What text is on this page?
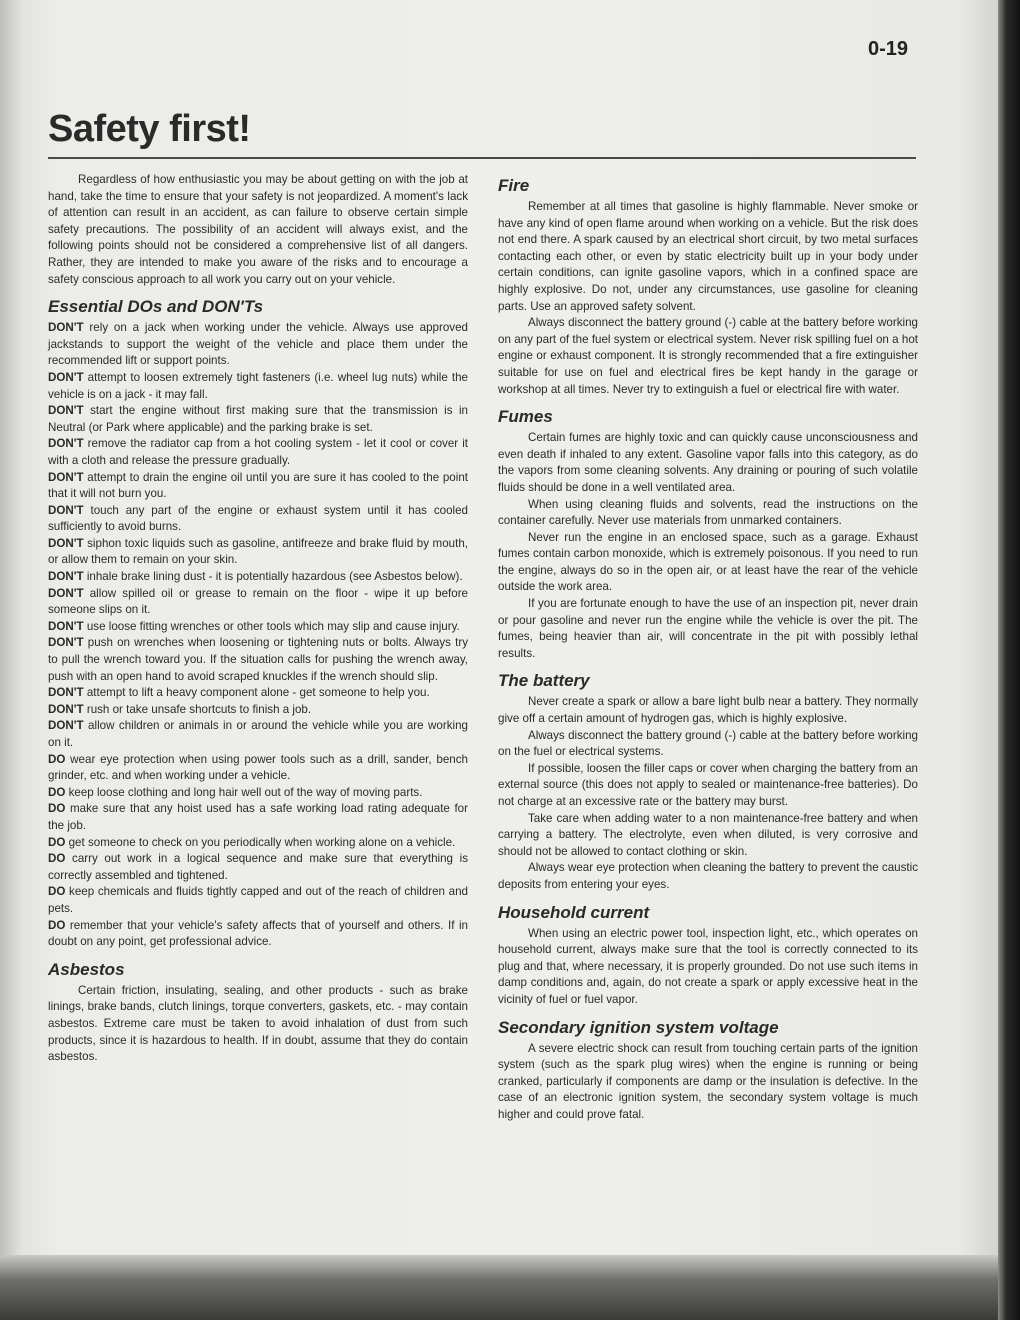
0-19
Safety first!

Regardless of how enthusiastic you may be about getting on with the job at hand, take the time to ensure that your safety is not jeopardized. A moment's lack of attention can result in an accident, as can failure to observe certain simple safety precautions. The possibility of an accident will always exist, and the following points should not be considered a comprehensive list of all dangers. Rather, they are intended to make you aware of the risks and to encourage a safety conscious approach to all work you carry out on your vehicle.

Essential DOs and DON'Ts

DON'T rely on a jack when working under the vehicle. Always use approved jackstands to support the weight of the vehicle and place them under the recommended lift or support points.

DON'T attempt to loosen extremely tight fasteners (i.e. wheel lug nuts) while the vehicle is on a jack - it may fall.

DON'T start the engine without first making sure that the transmission is in Neutral (or Park where applicable) and the parking brake is set.

DON'T remove the radiator cap from a hot cooling system - let it cool or cover it with a cloth and release the pressure gradually.

DON'T attempt to drain the engine oil until you are sure it has cooled to the point that it will not burn you.

DON'T touch any part of the engine or exhaust system until it has cooled sufficiently to avoid burns.

DON'T siphon toxic liquids such as gasoline, antifreeze and brake fluid by mouth, or allow them to remain on your skin.

DON'T inhale brake lining dust - it is potentially hazardous (see Asbestos below).

DON'T allow spilled oil or grease to remain on the floor - wipe it up before someone slips on it.

DON'T use loose fitting wrenches or other tools which may slip and cause injury.

DON'T push on wrenches when loosening or tightening nuts or bolts. Always try to pull the wrench toward you. If the situation calls for pushing the wrench away, push with an open hand to avoid scraped knuckles if the wrench should slip.

DON'T attempt to lift a heavy component alone - get someone to help you.

DON'T rush or take unsafe shortcuts to finish a job.

DON'T allow children or animals in or around the vehicle while you are working on it.

DO wear eye protection when using power tools such as a drill, sander, bench grinder, etc. and when working under a vehicle.

DO keep loose clothing and long hair well out of the way of moving parts.

DO make sure that any hoist used has a safe working load rating adequate for the job.

DO get someone to check on you periodically when working alone on a vehicle.

DO carry out work in a logical sequence and make sure that everything is correctly assembled and tightened.

DO keep chemicals and fluids tightly capped and out of the reach of children and pets.

DO remember that your vehicle's safety affects that of yourself and others. If in doubt on any point, get professional advice.

Asbestos

Certain friction, insulating, sealing, and other products - such as brake linings, brake bands, clutch linings, torque converters, gaskets, etc. - may contain asbestos. Extreme care must be taken to avoid inhalation of dust from such products, since it is hazardous to health. If in doubt, assume that they do contain asbestos.

Fire

Remember at all times that gasoline is highly flammable. Never smoke or have any kind of open flame around when working on a vehicle. But the risk does not end there. A spark caused by an electrical short circuit, by two metal surfaces contacting each other, or even by static electricity built up in your body under certain conditions, can ignite gasoline vapors, which in a confined space are highly explosive. Do not, under any circumstances, use gasoline for cleaning parts. Use an approved safety solvent.

Always disconnect the battery ground (-) cable at the battery before working on any part of the fuel system or electrical system. Never risk spilling fuel on a hot engine or exhaust component. It is strongly recommended that a fire extinguisher suitable for use on fuel and electrical fires be kept handy in the garage or workshop at all times. Never try to extinguish a fuel or electrical fire with water.

Fumes

Certain fumes are highly toxic and can quickly cause unconsciousness and even death if inhaled to any extent. Gasoline vapor falls into this category, as do the vapors from some cleaning solvents. Any draining or pouring of such volatile fluids should be done in a well ventilated area.

When using cleaning fluids and solvents, read the instructions on the container carefully. Never use materials from unmarked containers.

Never run the engine in an enclosed space, such as a garage. Exhaust fumes contain carbon monoxide, which is extremely poisonous. If you need to run the engine, always do so in the open air, or at least have the rear of the vehicle outside the work area.

If you are fortunate enough to have the use of an inspection pit, never drain or pour gasoline and never run the engine while the vehicle is over the pit. The fumes, being heavier than air, will concentrate in the pit with possibly lethal results.

The battery

Never create a spark or allow a bare light bulb near a battery. They normally give off a certain amount of hydrogen gas, which is highly explosive.

Always disconnect the battery ground (-) cable at the battery before working on the fuel or electrical systems.

If possible, loosen the filler caps or cover when charging the battery from an external source (this does not apply to sealed or maintenance-free batteries). Do not charge at an excessive rate or the battery may burst.

Take care when adding water to a non maintenance-free battery and when carrying a battery. The electrolyte, even when diluted, is very corrosive and should not be allowed to contact clothing or skin.

Always wear eye protection when cleaning the battery to prevent the caustic deposits from entering your eyes.

Household current

When using an electric power tool, inspection light, etc., which operates on household current, always make sure that the tool is correctly connected to its plug and that, where necessary, it is properly grounded. Do not use such items in damp conditions and, again, do not create a spark or apply excessive heat in the vicinity of fuel or fuel vapor.

Secondary ignition system voltage

A severe electric shock can result from touching certain parts of the ignition system (such as the spark plug wires) when the engine is running or being cranked, particularly if components are damp or the insulation is defective. In the case of an electronic ignition system, the secondary system voltage is much higher and could prove fatal.
